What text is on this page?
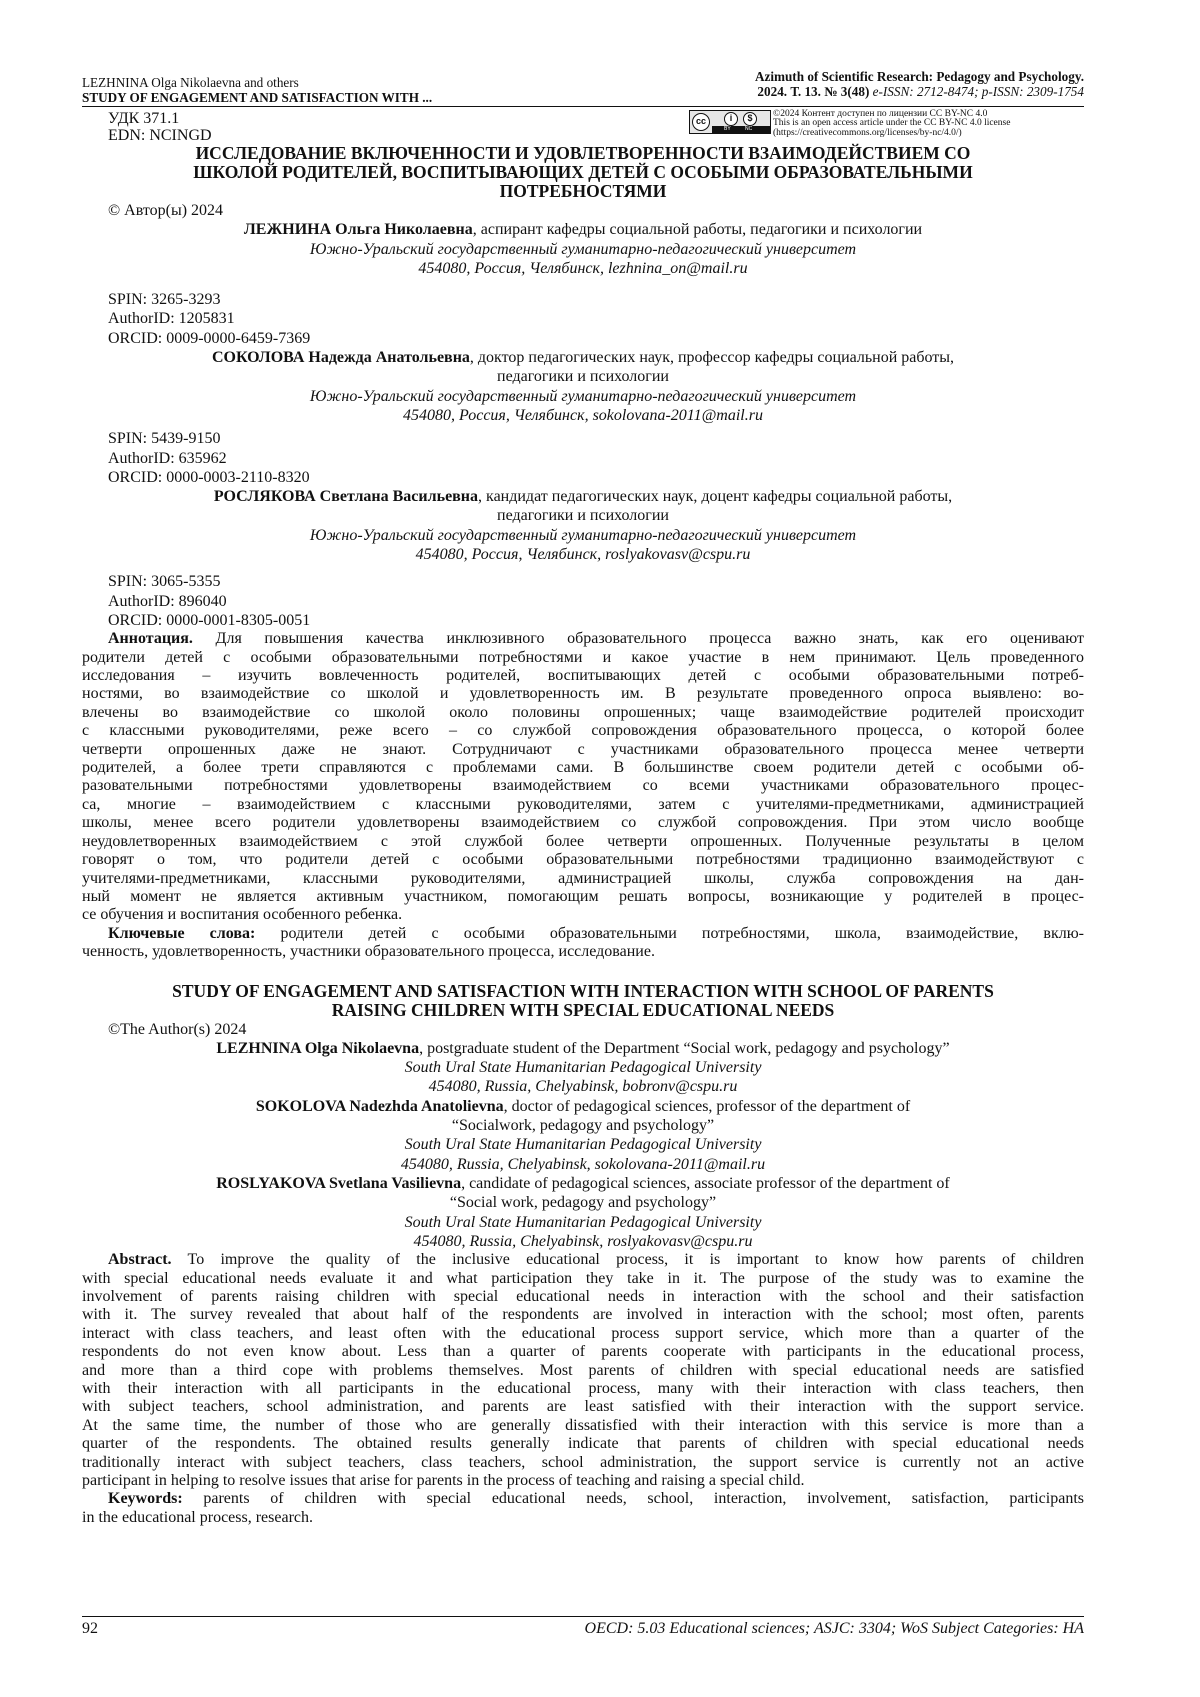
LEZHNINA Olga Nikolaevna and others
STUDY OF ENGAGEMENT AND SATISFACTION WITH ...
Azimuth of Scientific Research: Pedagogy and Psychology.
2024. Т. 13. № 3(48) e-ISSN: 2712-8474; p-ISSN: 2309-1754
УДК 371.1
EDN: NCINGD
cc	i	$
BY	NC
©2024 Контент доступен по лицензии CC BY-NC 4.0
This is an open access article under the CC BY-NC 4.0 license
(https://creativecommons.org/licenses/by-nc/4.0/)

ИССЛЕДОВАНИЕ ВКЛЮЧЕННОСТИ И УДОВЛЕТВОРЕННОСТИ ВЗАИМОДЕЙСТВИЕМ СО

ШКОЛОЙ РОДИТЕЛЕЙ, ВОСПИТЫВАЮЩИХ ДЕТЕЙ С ОСОБЫМИ ОБРАЗОВАТЕЛЬНЫМИ

ПОТРЕБНОСТЯМИ

© Автор(ы) 2024

ЛЕЖНИНА Ольга Николаевна, аспирант кафедры социальной работы, педагогики и психологии

Южно-Уральский государственный гуманитарно-педагогический университет

454080, Россия, Челябинск, lezhnina_on@mail.ru

SPIN: 3265-3293

AuthorID: 1205831

ORCID: 0009-0000-6459-7369

СОКОЛОВА Надежда Анатольевна, доктор педагогических наук, профессор кафедры социальной работы,

педагогики и психологии

Южно-Уральский государственный гуманитарно-педагогический университет

454080, Россия, Челябинск, sokolovana-2011@mail.ru

SPIN: 5439-9150

AuthorID: 635962

ORCID: 0000-0003-2110-8320

РОСЛЯКОВА Светлана Васильевна, кандидат педагогических наук, доцент кафедры социальной работы,

педагогики и психологии

Южно-Уральский государственный гуманитарно-педагогический университет

454080, Россия, Челябинск, roslyakovasv@cspu.ru

SPIN: 3065-5355

AuthorID: 896040

ORCID: 0000-0001-8305-0051

Аннотация. Для повышения качества инклюзивного образовательного процесса важно знать, как его оценивают

родители детей с особыми образовательными потребностями и какое участие в нем принимают. Цель проведенного

исследования – изучить вовлеченность родителей, воспитывающих детей с особыми образовательными потреб-

ностями, во взаимодействие со школой и удовлетворенность им. В результате проведенного опроса выявлено: во-

влечены во взаимодействие со школой около половины опрошенных; чаще взаимодействие родителей происходит

с классными руководителями, реже всего – со службой сопровождения образовательного процесса, о которой более

четверти опрошенных даже не знают. Сотрудничают с участниками образовательного процесса менее четверти

родителей, а более трети справляются с проблемами сами. В большинстве своем родители детей с особыми об-

разовательными потребностями удовлетворены взаимодействием со всеми участниками образовательного процес-

са, многие – взаимодействием с классными руководителями, затем с учителями-предметниками, администрацией

школы, менее всего родители удовлетворены взаимодействием со службой сопровождения. При этом число вообще

неудовлетворенных взаимодействием с этой службой более четверти опрошенных. Полученные результаты в целом

говорят о том, что родители детей с особыми образовательными потребностями традиционно взаимодействуют с

учителями-предметниками, классными руководителями, администрацией школы, служба сопровождения на дан-

ный момент не является активным участником, помогающим решать вопросы, возникающие у родителей в процес-

се обучения и воспитания особенного ребенка.

Ключевые слова: родители детей с особыми образовательными потребностями, школа, взаимодействие, вклю-

ченность, удовлетворенность, участники образовательного процесса, исследование.

STUDY OF ENGAGEMENT AND SATISFACTION WITH INTERACTION WITH SCHOOL OF PARENTS

RAISING CHILDREN WITH SPECIAL EDUCATIONAL NEEDS

©The Author(s) 2024

LEZHNINA Olga Nikolaevna, postgraduate student of the Department “Social work, pedagogy and psychology”

South Ural State Humanitarian Pedagogical University

454080, Russia, Chelyabinsk, bobronv@cspu.ru

SOKOLOVA Nadezhda Anatolievna, doctor of pedagogical sciences, professor of the department of

“Socialwork, pedagogy and psychology”

South Ural State Humanitarian Pedagogical University

454080, Russia, Chelyabinsk, sokolovana-2011@mail.ru

ROSLYAKOVA Svetlana Vasilievna, candidate of pedagogical sciences, associate professor of the department of

“Social work, pedagogy and psychology”

South Ural State Humanitarian Pedagogical University

454080, Russia, Chelyabinsk, roslyakovasv@cspu.ru

Abstract. To improve the quality of the inclusive educational process, it is important to know how parents of children

with special educational needs evaluate it and what participation they take in it. The purpose of the study was to examine the

involvement of parents raising children with special educational needs in interaction with the school and their satisfaction

with it. The survey revealed that about half of the respondents are involved in interaction with the school; most often, parents

interact with class teachers, and least often with the educational process support service, which more than a quarter of the

respondents do not even know about. Less than a quarter of parents cooperate with participants in the educational process,

and more than a third cope with problems themselves. Most parents of children with special educational needs are satisfied

with their interaction with all participants in the educational process, many with their interaction with class teachers, then

with subject teachers, school administration, and parents are least satisfied with their interaction with the support service.

At the same time, the number of those who are generally dissatisfied with their interaction with this service is more than a

quarter of the respondents. The obtained results generally indicate that parents of children with special educational needs

traditionally interact with subject teachers, class teachers, school administration, the support service is currently not an active

participant in helping to resolve issues that arise for parents in the process of teaching and raising a special child.

Keywords: parents of children with special educational needs, school, interaction, involvement, satisfaction, participants

in the educational process, research.

92	OECD: 5.03 Educational sciences; ASJC: 3304; WoS Subject Categories: HA
